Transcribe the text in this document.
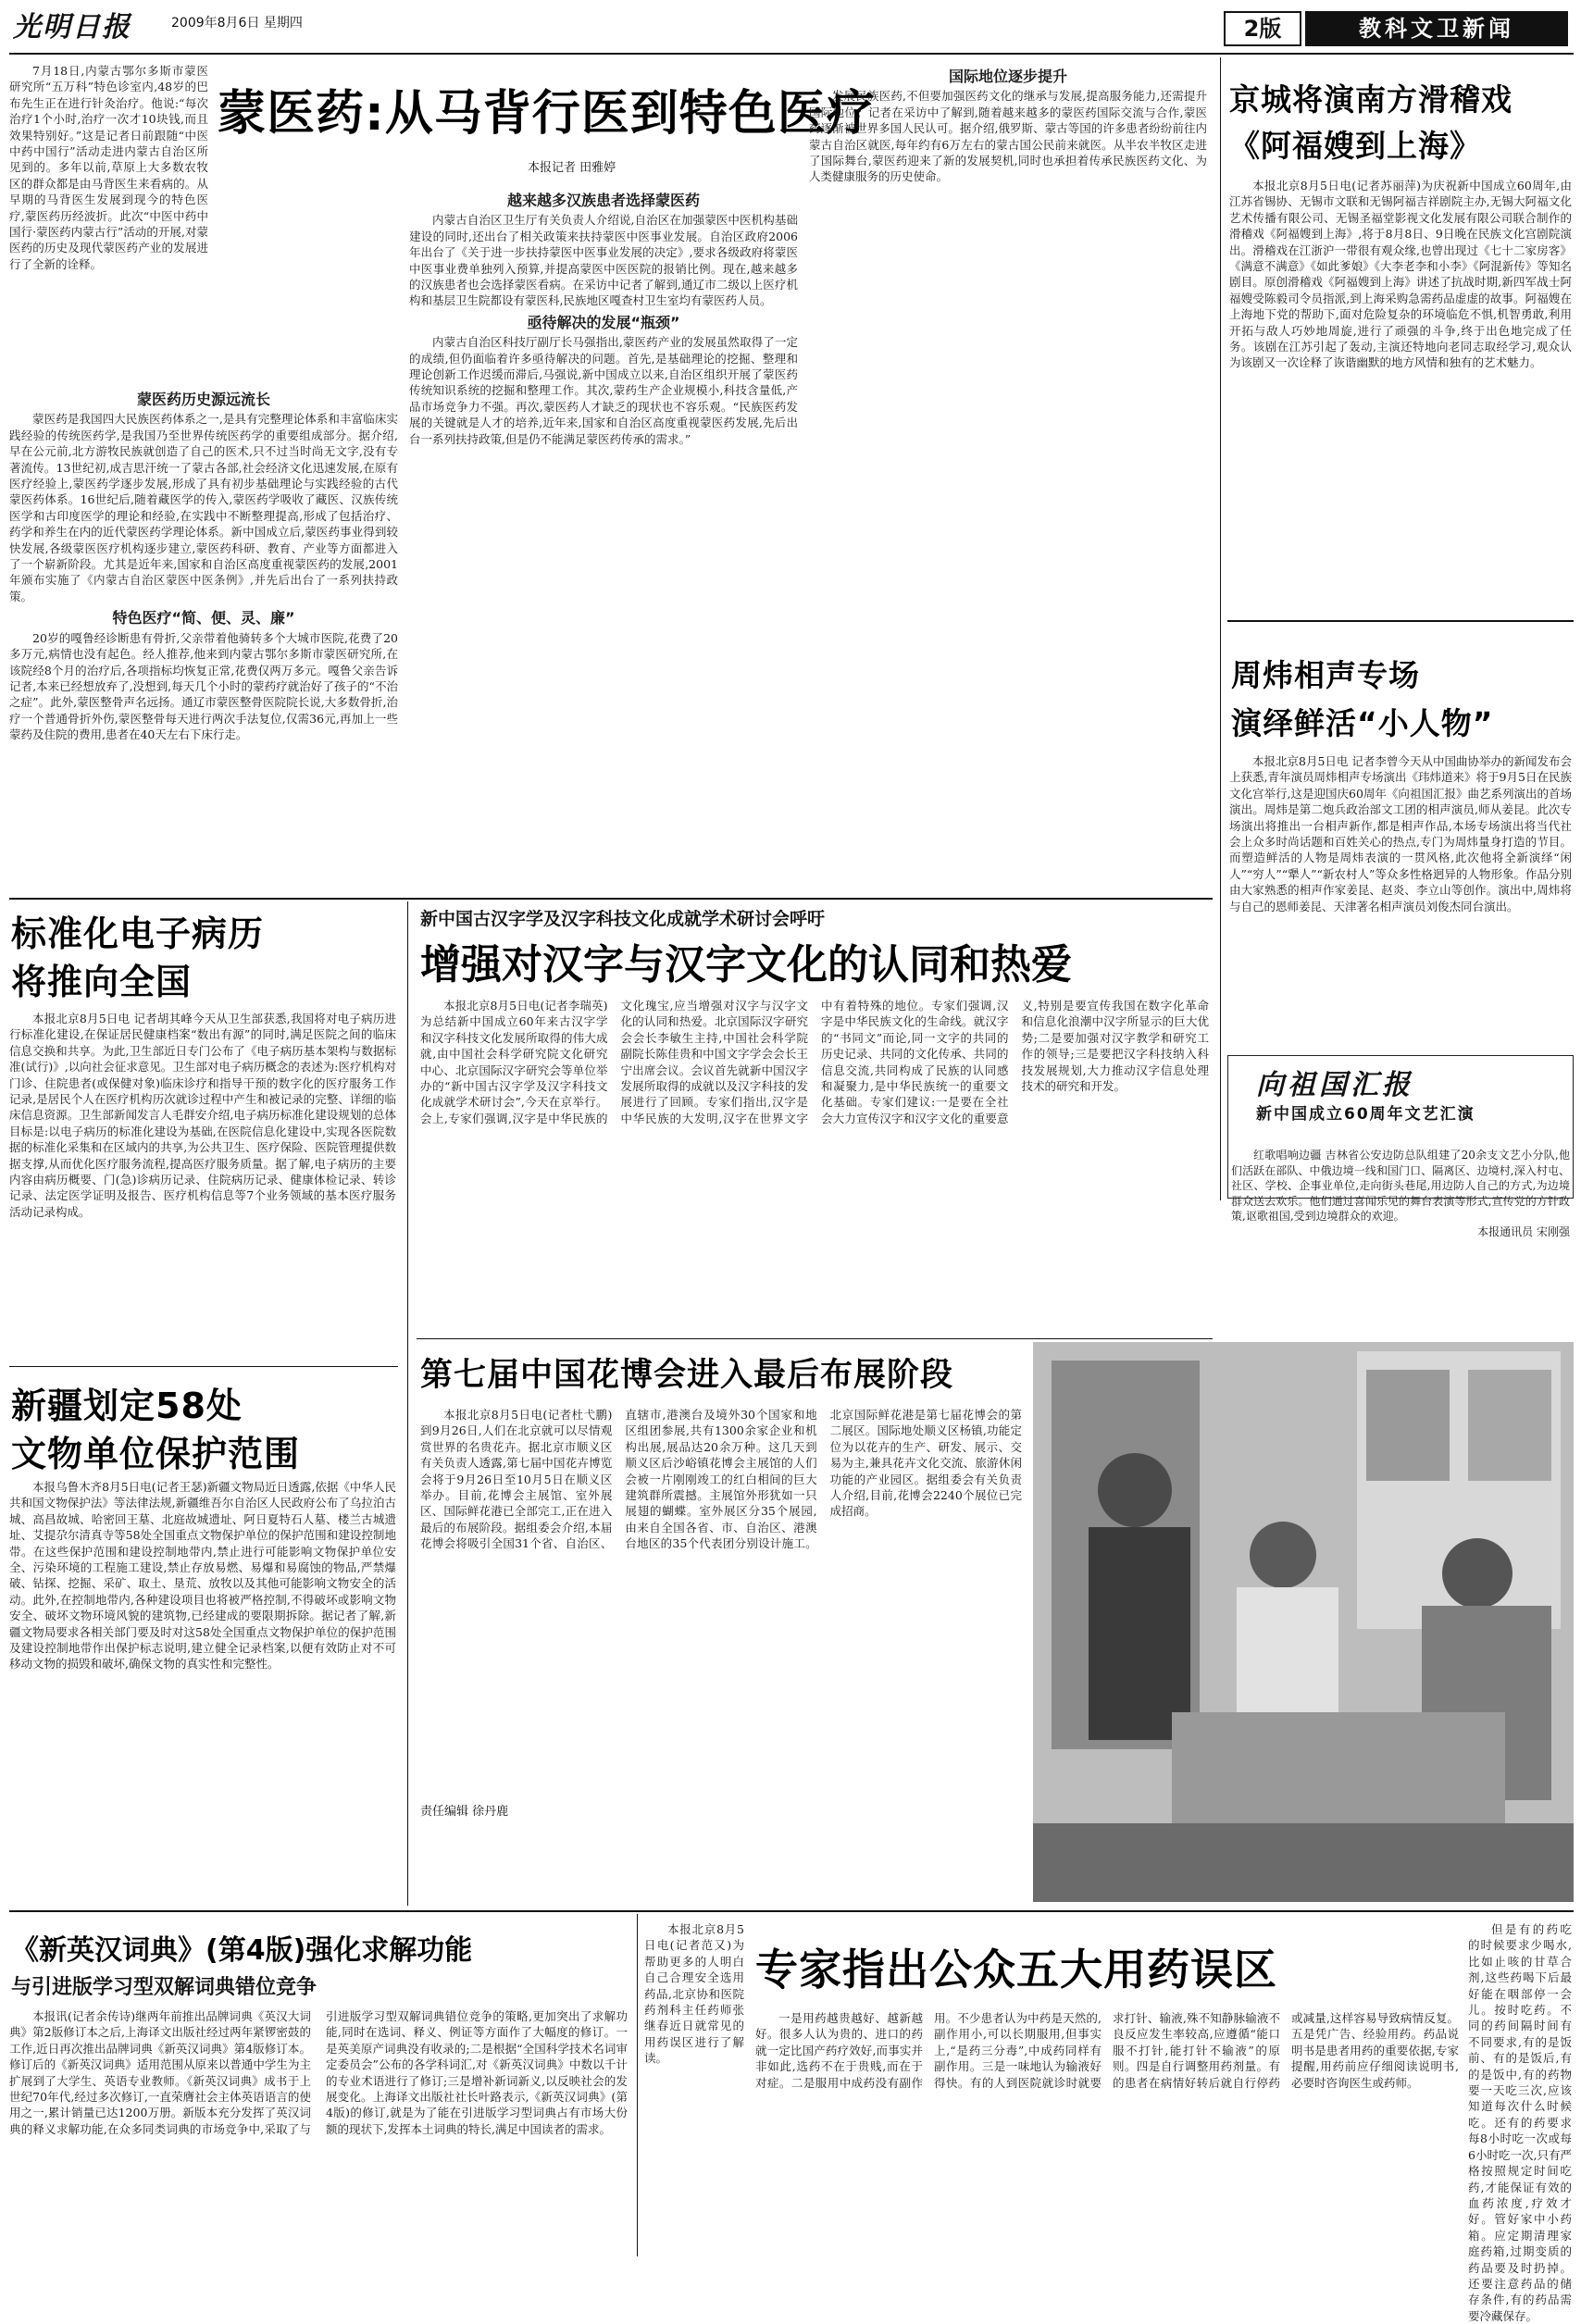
光明日报	2009年8月6日 星期四	2版	教科文卫新闻
蒙医药:从马背行医到特色医疗
本报记者 田雅婷

7月18日,内蒙古鄂尔多斯市蒙医研究所“五万科”特色诊室内,48岁的巴布先生正在进行针灸治疗。他说:“每次治疗1个小时,治疗一次才10块钱,而且效果特别好。”这是记者日前跟随“中医中药中国行”活动走进内蒙古自治区所见到的。多年以前,草原上大多数农牧区的群众都是由马背医生来看病的。从早期的马背医生发展到现今的特色医疗,蒙医药历经波折。此次“中医中药中国行·蒙医药内蒙古行”活动的开展,对蒙医药的历史及现代蒙医药产业的发展进行了全新的诠释。

蒙医药历史源远流长

蒙医药是我国四大民族医药体系之一,是具有完整理论体系和丰富临床实践经验的传统医药学,是我国乃至世界传统医药学的重要组成部分。据介绍,早在公元前,北方游牧民族就创造了自己的医术,只不过当时尚无文字,没有专著流传。13世纪初,成吉思汗统一了蒙古各部,社会经济文化迅速发展,在原有医疗经验上,蒙医药学逐步发展,形成了具有初步基础理论与实践经验的古代蒙医药体系。16世纪后,随着藏医学的传入,蒙医药学吸收了藏医、汉族传统医学和古印度医学的理论和经验,在实践中不断整理提高,形成了包括治疗、药学和养生在内的近代蒙医药学理论体系。新中国成立后,蒙医药事业得到较快发展,各级蒙医医疗机构逐步建立,蒙医药科研、教育、产业等方面都进入了一个崭新阶段。尤其是近年来,国家和自治区高度重视蒙医药的发展,2001年颁布实施了《内蒙古自治区蒙医中医条例》,并先后出台了一系列扶持政策。

特色医疗“简、便、灵、廉”

20岁的嘎鲁经诊断患有骨折,父亲带着他骑转多个大城市医院,花费了20多万元,病情也没有起色。经人推荐,他来到内蒙古鄂尔多斯市蒙医研究所,在该院经8个月的治疗后,各项指标均恢复正常,花费仅两万多元。嘎鲁父亲告诉记者,本来已经想放弃了,没想到,每天几个小时的蒙药疗就治好了孩子的“不治之症”。此外,蒙医整骨声名远扬。通辽市蒙医整骨医院院长说,大多数骨折,治疗一个普通骨折外伤,蒙医整骨每天进行两次手法复位,仅需36元,再加上一些蒙药及住院的费用,患者在40天左右下床行走。

越来越多汉族患者选择蒙医药

内蒙古自治区卫生厅有关负责人介绍说,自治区在加强蒙医中医机构基础建设的同时,还出台了相关政策来扶持蒙医中医事业发展。自治区政府2006年出台了《关于进一步扶持蒙医中医事业发展的决定》,要求各级政府将蒙医中医事业费单独列入预算,并提高蒙医中医医院的报销比例。现在,越来越多的汉族患者也会选择蒙医看病。在采访中记者了解到,通辽市二级以上医疗机构和基层卫生院都设有蒙医科,民族地区嘎查村卫生室均有蒙医药人员。

亟待解决的发展“瓶颈”

内蒙古自治区科技厅副厅长马强指出,蒙医药产业的发展虽然取得了一定的成绩,但仍面临着许多亟待解决的问题。首先,是基础理论的挖掘、整理和理论创新工作迟缓而滞后,马强说,新中国成立以来,自治区组织开展了蒙医药传统知识系统的挖掘和整理工作。其次,蒙药生产企业规模小,科技含量低,产品市场竞争力不强。再次,蒙医药人才缺乏的现状也不容乐观。“民族医药发展的关键就是人才的培养,近年来,国家和自治区高度重视蒙医药发展,先后出台一系列扶持政策,但是仍不能满足蒙医药传承的需求。”

国际地位逐步提升

发展民族医药,不但要加强医药文化的继承与发展,提高服务能力,还需提升国际地位。记者在采访中了解到,随着越来越多的蒙医药国际交流与合作,蒙医药逐渐被世界多国人民认可。据介绍,俄罗斯、蒙古等国的许多患者纷纷前往内蒙古自治区就医,每年约有6万左右的蒙古国公民前来就医。从半农半牧区走进了国际舞台,蒙医药迎来了新的发展契机,同时也承担着传承民族医药文化、为人类健康服务的历史使命。

京城将演南方滑稽戏
《阿福嫂到上海》

本报北京8月5日电(记者苏丽萍)为庆祝新中国成立60周年,由江苏省锡协、无锡市文联和无锡阿福吉祥剧院主办,无锡大阿福文化艺术传播有限公司、无锡圣福堂影视文化发展有限公司联合制作的滑稽戏《阿福嫂到上海》,将于8月8日、9日晚在民族文化宫剧院演出。滑稽戏在江浙沪一带很有观众缘,也曾出现过《七十二家房客》《满意不满意》《如此爹娘》《大李老李和小李》《阿混新传》等知名剧目。原创滑稽戏《阿福嫂到上海》讲述了抗战时期,新四军战士阿福嫂受陈毅司令员指派,到上海采购急需药品虚虚的故事。阿福嫂在上海地下党的帮助下,面对危险复杂的环境临危不惧,机智勇敢,利用开拓与敌人巧妙地周旋,进行了顽强的斗争,终于出色地完成了任务。该剧在江苏引起了轰动,主演还特地向老同志取经学习,观众认为该剧又一次诠释了诙谐幽默的地方风情和独有的艺术魅力。

周炜相声专场
演绎鲜活“小人物”

本报北京8月5日电 记者李曾今天从中国曲协举办的新闻发布会上获悉,青年演员周炜相声专场演出《玮炜道来》将于9月5日在民族文化宫举行,这是迎国庆60周年《向祖国汇报》曲艺系列演出的首场演出。周炜是第二炮兵政治部文工团的相声演员,师从姜昆。此次专场演出将推出一台相声新作,都是相声作品,本场专场演出将当代社会上众多时尚话题和百姓关心的热点,专门为周炜量身打造的节目。而塑造鲜活的人物是周炜表演的一贯风格,此次他将全新演绎“闲人”“穷人”“犟人”“新农村人”等众多性格迥异的人物形象。作品分别由大家熟悉的相声作家姜昆、赵炎、李立山等创作。演出中,周炜将与自己的恩师姜昆、天津著名相声演员刘俊杰同台演出。

向祖国汇报
新中国成立60周年文艺汇演

红歌唱响边疆 吉林省公安边防总队组建了20余支文艺小分队,他们活跃在部队、中俄边境一线和国门口、隔离区、边境村,深入村屯、社区、学校、企事业单位,走向街头巷尾,用边防人自己的方式,为边境群众送去欢乐。他们通过喜闻乐见的舞台表演等形式,宣传党的方针政策,讴歌祖国,受到边境群众的欢迎。

本报通讯员 宋刚强
标准化电子病历
将推向全国

本报北京8月5日电 记者胡其峰今天从卫生部获悉,我国将对电子病历进行标准化建设,在保证居民健康档案“数出有源”的同时,满足医院之间的临床信息交换和共享。为此,卫生部近日专门公布了《电子病历基本架构与数据标准(试行)》,以向社会征求意见。卫生部对电子病历概念的表述为:医疗机构对门诊、住院患者(或保健对象)临床诊疗和指导干预的数字化的医疗服务工作记录,是居民个人在医疗机构历次就诊过程中产生和被记录的完整、详细的临床信息资源。卫生部新闻发言人毛群安介绍,电子病历标准化建设规划的总体目标是:以电子病历的标准化建设为基础,在医院信息化建设中,实现各医院数据的标准化采集和在区域内的共享,为公共卫生、医疗保险、医院管理提供数据支撑,从而优化医疗服务流程,提高医疗服务质量。据了解,电子病历的主要内容由病历概要、门(急)诊病历记录、住院病历记录、健康体检记录、转诊记录、法定医学证明及报告、医疗机构信息等7个业务领域的基本医疗服务活动记录构成。

新中国古汉字学及汉字科技文化成就学术研讨会呼吁
增强对汉字与汉字文化的认同和热爱

本报北京8月5日电(记者李瑞英)为总结新中国成立60年来古汉字学和汉字科技文化发展所取得的伟大成就,由中国社会科学研究院文化研究中心、北京国际汉字研究会等单位举办的“新中国古汉字学及汉字科技文化成就学术研讨会”,今天在京举行。会上,专家们强调,汉字是中华民族的文化瑰宝,应当增强对汉字与汉字文化的认同和热爱。北京国际汉字研究会会长李敏生主持,中国社会科学院副院长陈佳贵和中国文字学会会长王宁出席会议。会议首先就新中国汉字发展所取得的成就以及汉字科技的发展进行了回顾。专家们指出,汉字是中华民族的大发明,汉字在世界文字中有着特殊的地位。专家们强调,汉字是中华民族文化的生命线。就汉字的“书同文”而论,同一文字的共同的历史记录、共同的文化传承、共同的信息交流,共同构成了民族的认同感和凝聚力,是中华民族统一的重要文化基础。专家们建议:一是要在全社会大力宣传汉字和汉字文化的重要意义,特别是要宣传我国在数字化革命和信息化浪潮中汉字所显示的巨大优势;二是要加强对汉字教学和研究工作的领导;三是要把汉字科技纳入科技发展规划,大力推动汉字信息处理技术的研究和开发。

新疆划定58处
文物单位保护范围

本报乌鲁木齐8月5日电(记者王瑟)新疆文物局近日透露,依据《中华人民共和国文物保护法》等法律法规,新疆维吾尔自治区人民政府公布了乌拉泊古城、高昌故城、哈密回王墓、北庭故城遗址、阿日夏特石人墓、楼兰古城遗址、艾提尕尔清真寺等58处全国重点文物保护单位的保护范围和建设控制地带。在这些保护范围和建设控制地带内,禁止进行可能影响文物保护单位安全、污染环境的工程施工建设,禁止存放易燃、易爆和易腐蚀的物品,严禁爆破、钻探、挖掘、采矿、取土、垦荒、放牧以及其他可能影响文物安全的活动。此外,在控制地带内,各种建设项目也将被严格控制,不得破坏或影响文物安全、破坏文物环境风貌的建筑物,已经建成的要限期拆除。据记者了解,新疆文物局要求各相关部门要及时对这58处全国重点文物保护单位的保护范围及建设控制地带作出保护标志说明,建立健全记录档案,以便有效防止对不可移动文物的损毁和破坏,确保文物的真实性和完整性。

第七届中国花博会进入最后布展阶段

本报北京8月5日电(记者杜弋鹏)到9月26日,人们在北京就可以尽情观赏世界的名贵花卉。据北京市顺义区有关负责人透露,第七届中国花卉博览会将于9月26日至10月5日在顺义区举办。目前,花博会主展馆、室外展区、国际鲜花港已全部完工,正在进入最后的布展阶段。据组委会介绍,本届花博会将吸引全国31个省、自治区、直辖市,港澳台及境外30个国家和地区组团参展,共有1300余家企业和机构出展,展品达20余万种。这几天到顺义区后沙峪镇花博会主展馆的人们会被一片刚刚竣工的红白相间的巨大建筑群所震撼。主展馆外形犹如一只展翅的蝴蝶。室外展区分35个展园,由来自全国各省、市、自治区、港澳台地区的35个代表团分别设计施工。北京国际鲜花港是第七届花博会的第二展区。国际地处顺义区杨镇,功能定位为以花卉的生产、研发、展示、交易为主,兼具花卉文化交流、旅游休闲功能的产业园区。据组委会有关负责人介绍,目前,花博会2240个展位已完成招商。

责任编辑 徐丹鹿
《新英汉词典》(第4版)强化求解功能
与引进版学习型双解词典错位竞争

本报讯(记者余传诗)继两年前推出品牌词典《英汉大词典》第2版修订本之后,上海译文出版社经过两年紧锣密鼓的工作,近日再次推出品牌词典《新英汉词典》第4版修订本。修订后的《新英汉词典》适用范围从原来以普通中学生为主扩展到了大学生、英语专业教师。《新英汉词典》成书于上世纪70年代,经过多次修订,一直荣膺社会主体英语语言的使用之一,累计销量已达1200万册。新版本充分发挥了英汉词典的释义求解功能,在众多同类词典的市场竞争中,采取了与引进版学习型双解词典错位竞争的策略,更加突出了求解功能,同时在选词、释义、例证等方面作了大幅度的修订。一是英美原产词典没有收录的;二是根据“全国科学技术名词审定委员会”公布的各学科词汇,对《新英汉词典》中数以千计的专业术语进行了修订;三是增补新词新义,以反映社会的发展变化。上海译文出版社社长叶路表示,《新英汉词典》(第4版)的修订,就是为了能在引进版学习型词典占有市场大份额的现状下,发挥本土词典的特长,满足中国读者的需求。

本报北京8月5日电(记者范又)为帮助更多的人明白自己合理安全选用药品,北京协和医院药剂科主任药师张继春近日就常见的用药误区进行了解读。

专家指出公众五大用药误区

一是用药越贵越好、越新越好。很多人认为贵的、进口的药就一定比国产药疗效好,而事实并非如此,选药不在于贵贱,而在于对症。二是服用中成药没有副作用。不少患者认为中药是天然的,副作用小,可以长期服用,但事实上,“是药三分毒”,中成药同样有副作用。三是一味地认为输液好得快。有的人到医院就诊时就要求打针、输液,殊不知静脉输液不良反应发生率较高,应遵循“能口服不打针,能打针不输液”的原则。四是自行调整用药剂量。有的患者在病情好转后就自行停药或减量,这样容易导致病情反复。五是凭广告、经验用药。药品说明书是患者用药的重要依据,专家提醒,用药前应仔细阅读说明书,必要时咨询医生或药师。

但是有的药吃的时候要求少喝水,比如止咳的甘草合剂,这些药喝下后最好能在咽部停一会儿。按时吃药。不同的药间隔时间有不同要求,有的是饭前、有的是饭后,有的是饭中,有的药物要一天吃三次,应该知道每次什么时候吃。还有的药要求每8小时吃一次或每6小时吃一次,只有严格按照规定时间吃药,才能保证有效的血药浓度,疗效才好。管好家中小药箱。应定期清理家庭药箱,过期变质的药品要及时扔掉。还要注意药品的储存条件,有的药品需要冷藏保存。
